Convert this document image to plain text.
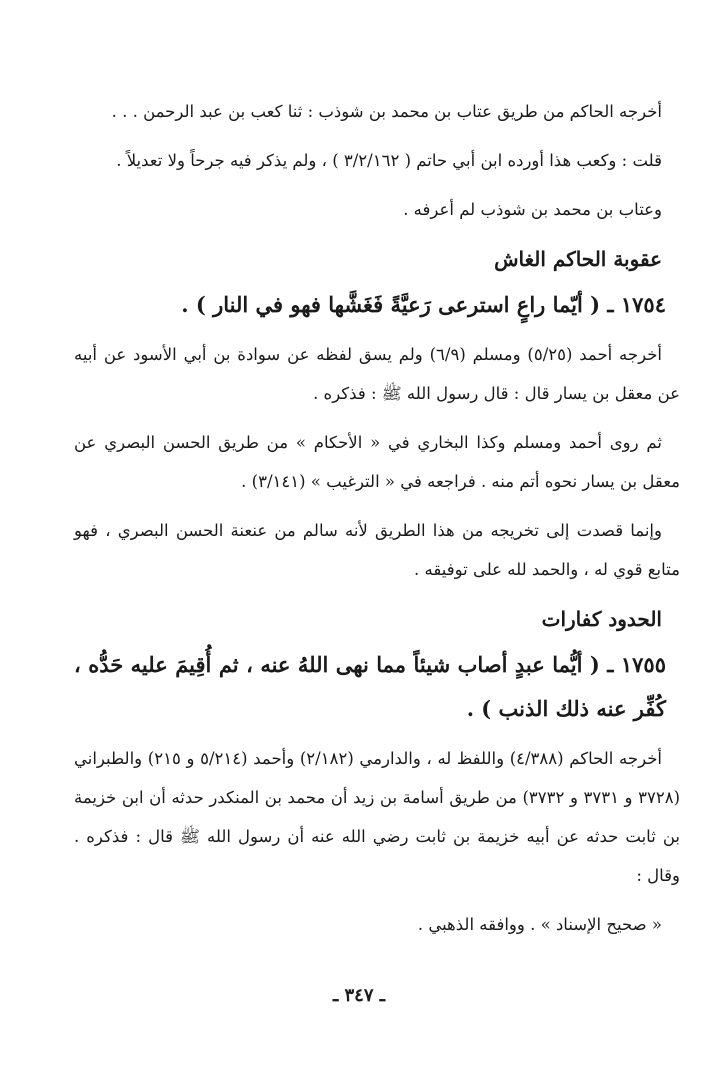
أخرجه الحاكم من طريق عتاب بن محمد بن شوذب : ثنا كعب بن عبد الرحمن . . .

قلت : وكعب هذا أورده ابن أبي حاتم ( ٣/٢/١٦٢ ) ، ولم يذكر فيه جرحاً ولا تعديلاً .

وعتاب بن محمد بن شوذب لم أعرفه .

عقوبة الحاكم الغاش

١٧٥٤ ـ ( أيّما راعٍ استرعى رَعيَّةً فَغَشَّها فهو في النار ) .

أخرجه أحمد (٥/٢٥) ومسلم (٦/٩) ولم يسق لفظه عن سوادة بن أبي الأسود عن أبيه عن معقل بن يسار قال : قال رسول الله ﷺ : فذكره .

ثم روى أحمد ومسلم وكذا البخاري في « الأحكام » من طريق الحسن البصري عن معقل بن يسار نحوه أتم منه . فراجعه في « الترغيب » (٣/١٤١) .

وإنما قصدت إلى تخريجه من هذا الطريق لأنه سالم من عنعنة الحسن البصري ، فهو متابع قوي له ، والحمد لله على توفيقه .

الحدود كفارات

١٧٥٥ ـ ( أيُّما عبدٍ أصاب شيئاً مما نهى اللهُ عنه ، ثم أُقِيمَ عليه حَدُّه ، كُفِّر عنه ذلك الذنب ) .

أخرجه الحاكم (٤/٣٨٨) واللفظ له ، والدارمي (٢/١٨٢) وأحمد (٥/٢١٤ و ٢١٥) والطبراني (٣٧٢٨ و ٣٧٣١ و ٣٧٣٢) من طريق أسامة بن زيد أن محمد بن المنكدر حدثه أن ابن خزيمة بن ثابت حدثه عن أبيه خزيمة بن ثابت رضي الله عنه أن رسول الله ﷺ قال : فذكره . وقال :

« صحيح الإسناد » . ووافقه الذهبي .

ـ ٣٤٧ ـ
